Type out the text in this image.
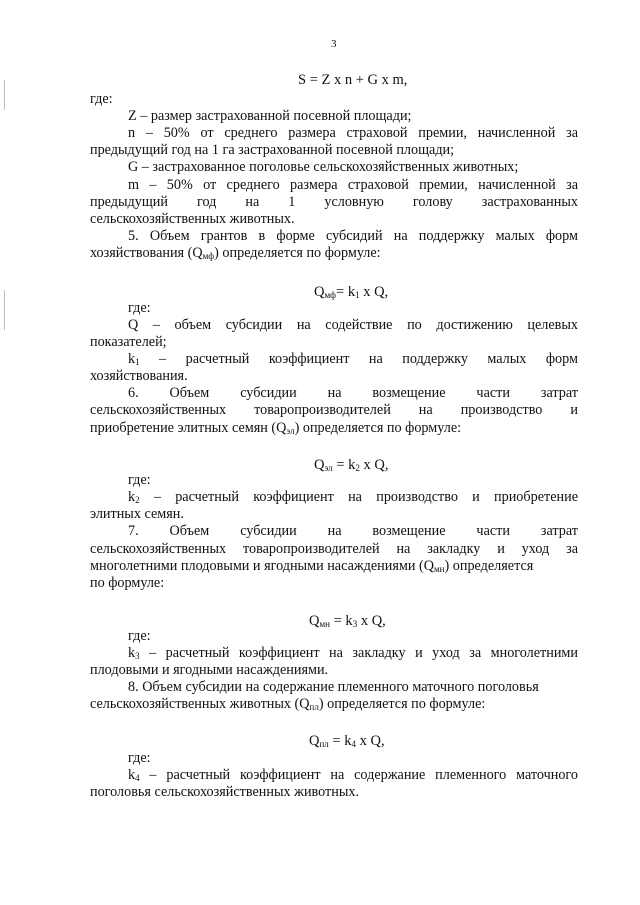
3
S = Z x n + G x m,
где:
Z – размер застрахованной посевной площади;
n – 50% от среднего размера страховой премии, начисленной за
предыдущий год на 1 га застрахованной посевной площади;
G – застрахованное поголовье сельскохозяйственных животных;
m – 50% от среднего размера страховой премии, начисленной за
предыдущий год на 1 условную голову застрахованных
сельскохозяйственных животных.
5. Объем грантов в форме субсидий на поддержку малых форм
хозяйствования $(Q_{мф})$ определяется по формуле:
$Q_{мф}= k_1$ x Q,
где:
Q – объем субсидии на содействие по достижению целевых
показателей;
$k_1$ – расчетный коэффициент на поддержку малых форм
хозяйствования.
6. Объем субсидии на возмещение части затрат
сельскохозяйственных товаропроизводителей на производство и
приобретение элитных семян $(Q_{эл})$ определяется по формуле:
$Q_{эл} = k_2$ x Q,
где:
$k_2$ – расчетный коэффициент на производство и приобретение
элитных семян.
7. Объем субсидии на возмещение части затрат
сельскохозяйственных товаропроизводителей на закладку и уход за
многолетними плодовыми и ягодными насаждениями $(Q_{мн})$ определяется
по формуле:
$Q_{мн} = k_3$ x Q,
где:
$k_3$ – расчетный коэффициент на закладку и уход за многолетними
плодовыми и ягодными насаждениями.
8. Объем субсидии на содержание племенного маточного поголовья
сельскохозяйственных животных $(Q_{пл})$ определяется по формуле:
$Q_{пл} = k_4$ x Q,
где:
$k_4$ – расчетный коэффициент на содержание племенного маточного
поголовья сельскохозяйственных животных.
